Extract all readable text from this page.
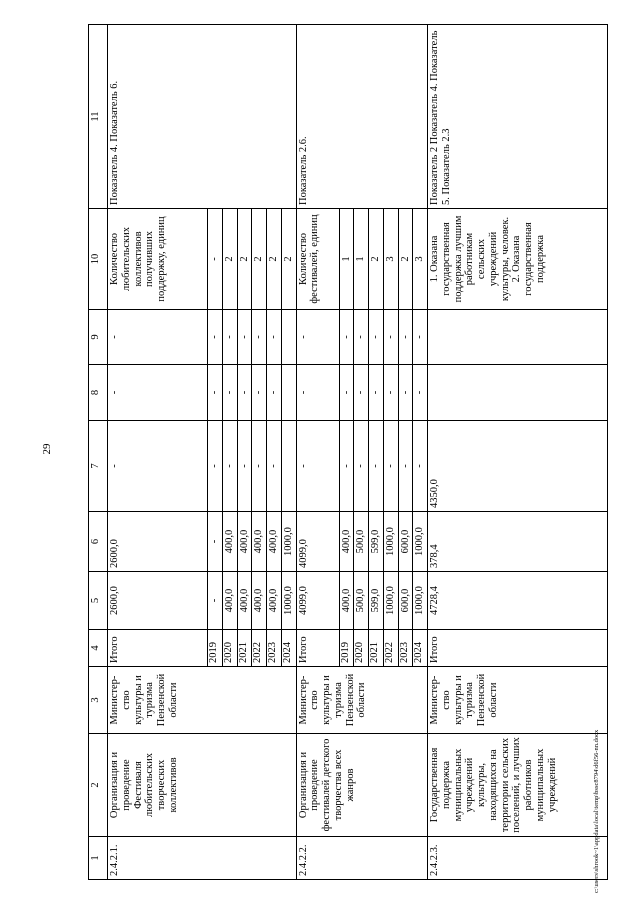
29
1	2	3	4	5	6	7	8	9	10	11
2.4.2.1.	Организация и проведение Фестиваля любительских творческих коллективов	Министер-ство культуры и туризма Пензенской области	Итого	2600,0	2600,0	-	-	-	Количество любительских коллективов получивших поддержку, единиц	Показатель 4. Показатель 6.
			2019	-	-	-	-	-	-	
			2020	400,0	400,0	-	-	-	2	
			2021	400,0	400,0	-	-	-	2	
			2022	400,0	400,0	-	-	-	2	
			2023	400,0	400,0	-	-	-	2	
			2024	1000,0	1000,0				2	
2.4.2.2.	Организация и проведение фестивалей детского творчества всех жанров	Министер-ство культуры и туризма Пензенской области	Итого	4099,0	4099,0	-	-	-	Количество фестивалей, единиц	Показатель 2.6.
			2019	400,0	400,0	-	-	-	1	
			2020	500,0	500,0	-	-	-	1	
			2021	599,0	599,0	-	-	-	2	
			2022	1000,0	1000,0	-	-	-	3	
			2023	600,0	600,0	-	-	-	2	
			2024	1000,0	1000,0	-	-	-	3	
2.4.2.3.	Государственная поддержка муниципальных учреждений культуры, находящихся на территории сельских поселений, и лучших работников муниципальных учреждений	Министер-ство культуры и туризма Пензенской области	Итого	4728,4	378,4	4350,0			1. Оказана государственная поддержка лучшим работникам сельских учреждений культуры, человек. 2. Оказана государственная поддержка	Показатель 2 Показатель 4. Показатель 5. Показатель 2.3
c:\users\shrook~1\appdata\local\temp\bssc8794\d6f56-nn.docx
